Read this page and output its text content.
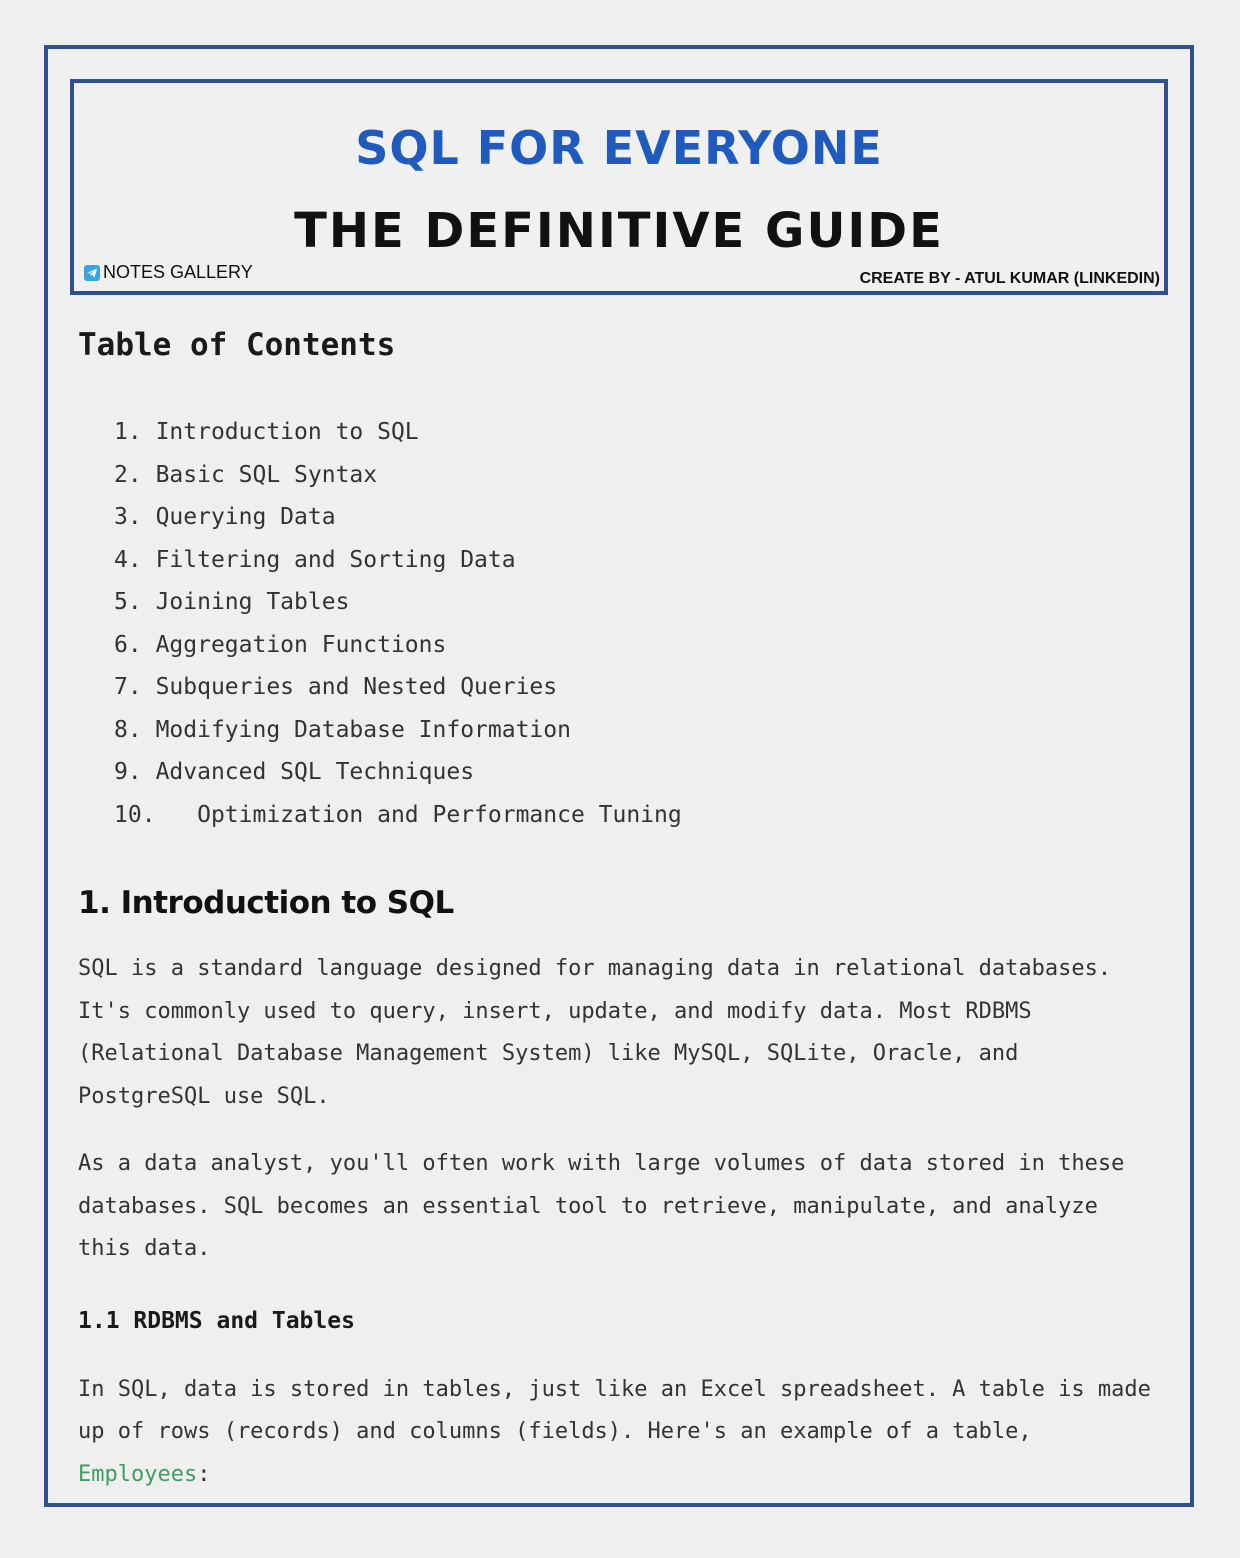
SQL FOR EVERYONE
THE DEFINITIVE GUIDE
NOTES GALLERY	CREATE BY - ATUL KUMAR (LINKEDIN)
Table of Contents
1. Introduction to SQL
2. Basic SQL Syntax
3. Querying Data
4. Filtering and Sorting Data
5. Joining Tables
6. Aggregation Functions
7. Subqueries and Nested Queries
8. Modifying Database Information
9. Advanced SQL Techniques
10.   Optimization and Performance Tuning
1. Introduction to SQL

SQL is a standard language designed for managing data in relational databases. It's commonly used to query, insert, update, and modify data. Most RDBMS (Relational Database Management System) like MySQL, SQLite, Oracle, and PostgreSQL use SQL.

As a data analyst, you'll often work with large volumes of data stored in these databases. SQL becomes an essential tool to retrieve, manipulate, and analyze this data.

1.1 RDBMS and Tables

In SQL, data is stored in tables, just like an Excel spreadsheet. A table is made up of rows (records) and columns (fields). Here's an example of a table, Employees:
